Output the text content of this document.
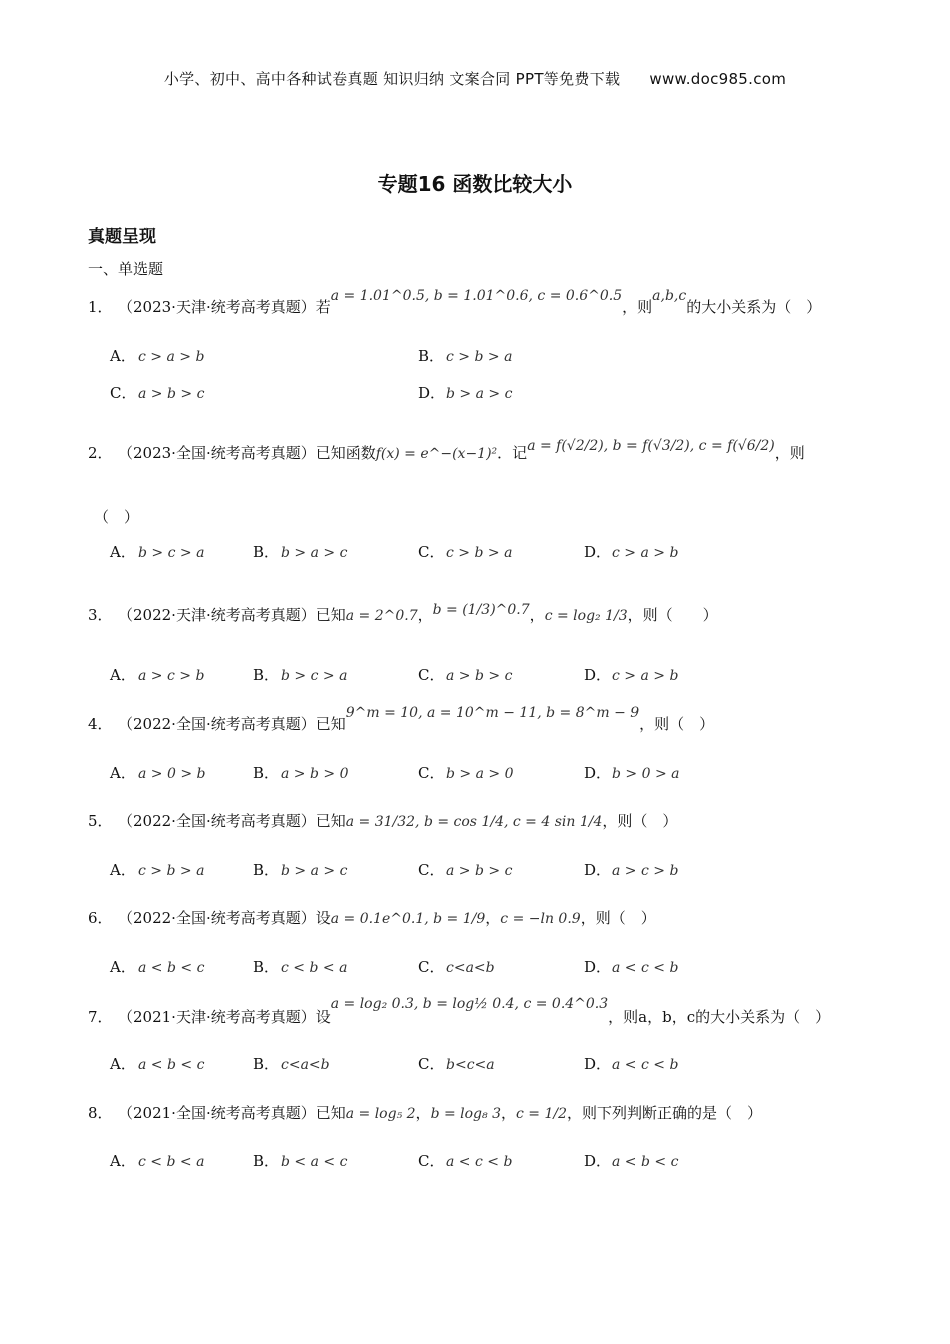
小学、初中、高中各种试卷真题 知识归纳 文案合同 PPT等免费下载 www.doc985.com
专题16 函数比较大小
真题呈现
一、单选题
1． （2023·天津·统考高考真题）若a = 1.01^0.5, b = 1.01^0.6, c = 0.6^0.5，则a,b,c的大小关系为（　）
A． c > a > b	B． c > b > a
C． a > b > c	D．b > a > c
2． （2023·全国·统考高考真题）已知函数f(x) = e^−(x−1)²．记a = f(√2/2), b = f(√3/2), c = f(√6/2)，则
（　）
A． b > c > a	B． b > a > c	C． c > b > a	D．c > a > b
3． （2022·天津·统考高考真题）已知a = 2^0.7，b = (1/3)^0.7，c = log₂ 1/3，则（　　）
A． a > c > b	B． b > c > a	C． a > b > c	D．c > a > b
4． （2022·全国·统考高考真题）已知9^m = 10, a = 10^m − 11, b = 8^m − 9，则（　）
A． a > 0 > b	B． a > b > 0	C． b > a > 0	D．b > 0 > a
5． （2022·全国·统考高考真题）已知a = 31/32, b = cos 1/4, c = 4 sin 1/4，则（　）
A． c > b > a	B． b > a > c	C． a > b > c	D．a > c > b
6． （2022·全国·统考高考真题）设a = 0.1e^0.1, b = 1/9，c = −ln 0.9，则（　）
A． a < b < c	B． c < b < a	C． c<a<b	D．a < c < b
7． （2021·天津·统考高考真题）设a = log₂ 0.3, b = log½ 0.4, c = 0.4^0.3，则a，b，c的大小关系为（　）
A． a < b < c	B． c<a<b	C． b<c<a	D．a < c < b
8． （2021·全国·统考高考真题）已知a = log₅ 2，b = log₈ 3，c = 1/2，则下列判断正确的是（　）
A． c < b < a	B． b < a < c	C． a < c < b	D．a < b < c
